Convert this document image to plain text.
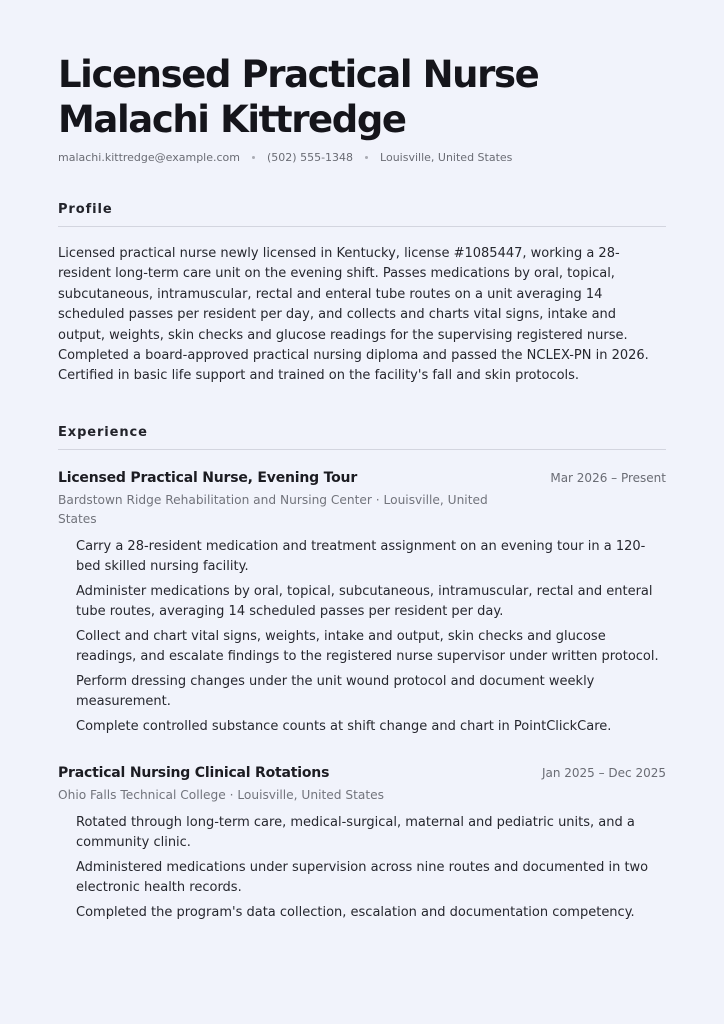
Licensed Practical Nurse
Malachi Kittredge
malachi.kittredge@example.com (502) 555-1348 Louisville, United States
Profile

Licensed practical nurse newly licensed in Kentucky, license #1085447, working a 28-resident long-term care unit on the evening shift. Passes medications by oral, topical, subcutaneous, intramuscular, rectal and enteral tube routes on a unit averaging 14 scheduled passes per resident per day, and collects and charts vital signs, intake and output, weights, skin checks and glucose readings for the supervising registered nurse. Completed a board-approved practical nursing diploma and passed the NCLEX-PN in 2026. Certified in basic life support and trained on the facility's fall and skin protocols.

Experience
Licensed Practical Nurse, Evening Tour	Mar 2026 – Present
Bardstown Ridge Rehabilitation and Nursing Center · Louisville, United States
Carry a 28-resident medication and treatment assignment on an evening tour in a 120-bed skilled nursing facility.
Administer medications by oral, topical, subcutaneous, intramuscular, rectal and enteral tube routes, averaging 14 scheduled passes per resident per day.
Collect and chart vital signs, weights, intake and output, skin checks and glucose readings, and escalate findings to the registered nurse supervisor under written protocol.
Perform dressing changes under the unit wound protocol and document weekly measurement.
Complete controlled substance counts at shift change and chart in PointClickCare.
Practical Nursing Clinical Rotations	Jan 2025 – Dec 2025
Ohio Falls Technical College · Louisville, United States
Rotated through long-term care, medical-surgical, maternal and pediatric units, and a community clinic.
Administered medications under supervision across nine routes and documented in two electronic health records.
Completed the program's data collection, escalation and documentation competency.
